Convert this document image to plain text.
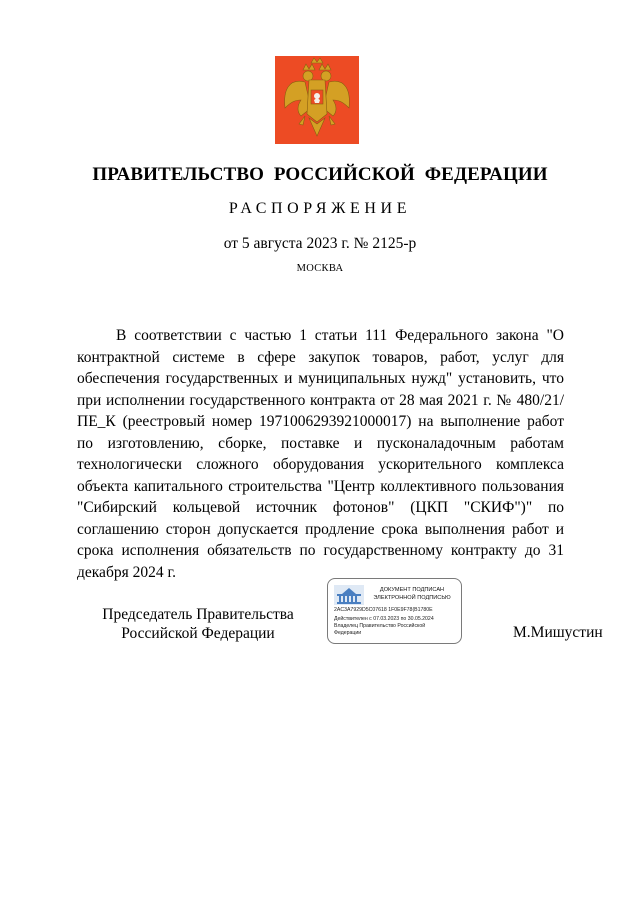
ПРАВИТЕЛЬСТВО РОССИЙСКОЙ ФЕДЕРАЦИИ
РАСПОРЯЖЕНИЕ
от 5 августа 2023 г. № 2125-р
МОСКВА

В соответствии с частью 1 статьи 111 Федерального закона "О контрактной системе в сфере закупок товаров, работ, услуг для обеспечения государственных и муниципальных нужд" установить, что при исполнении государственного контракта от 28 мая 2021 г. № 480/21/ПЕ_К (реестровый номер 1971006293921000017) на выполнение работ по изготовлению, сборке, поставке и пусконаладочным работам технологически сложного оборудования ускорительного комплекса объекта капитального строительства "Центр коллективного пользования "Сибирский кольцевой источник фотонов" (ЦКП "СКИФ")" по соглашению сторон допускается продление срока выполнения работ и срока исполнения обязательств по государственному контракту до 31 декабря 2024 г.

Председатель Правительства
Российской Федерации
ДОКУМЕНТ ПОДПИСАН
ЭЛЕКТРОННОЙ ПОДПИСЬЮ
2AC3A7929D5C07618 1F0E9F78(B1780E
Действителен с 07.03.2023 по 30.05.2024
Владелец Правительство Российской
Федерации	М.Мишустин
